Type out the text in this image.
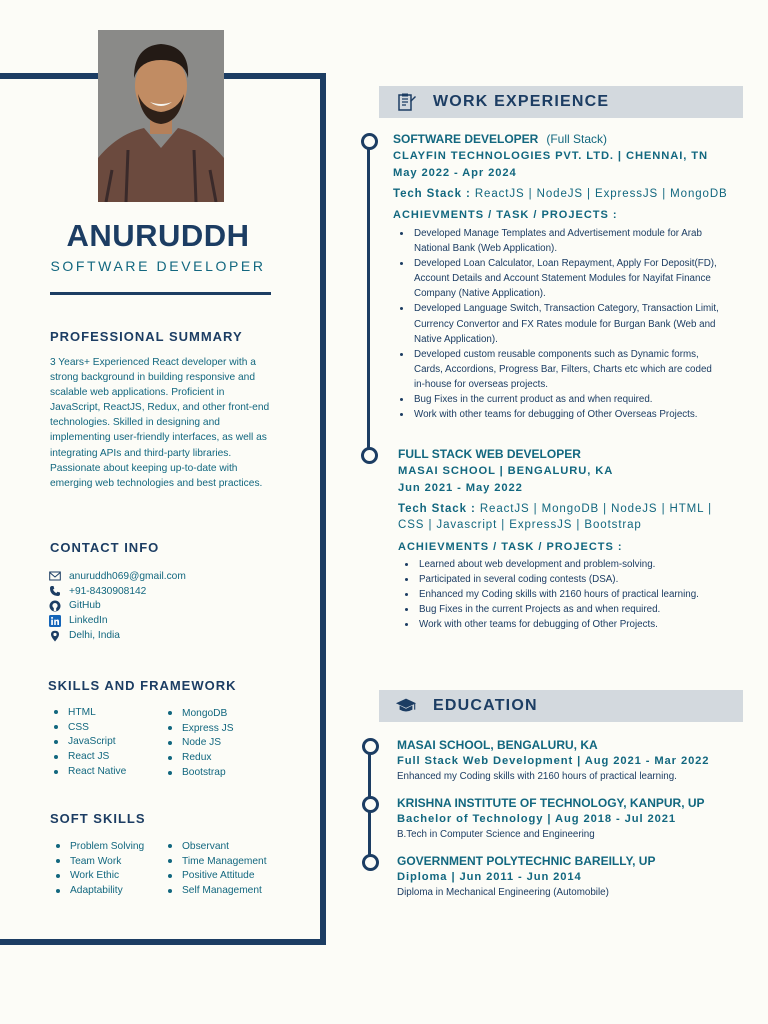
ANURUDDH
SOFTWARE DEVELOPER
PROFESSIONAL SUMMARY

3 Years+ Experienced React developer with a strong background in building responsive and scalable web applications. Proficient in JavaScript, ReactJS, Redux, and other front-end technologies. Skilled in designing and implementing user-friendly interfaces, as well as integrating APIs and third-party libraries. Passionate about keeping up-to-date with emerging web technologies and best practices.

CONTACT INFO
anuruddh069@gmail.com
+91-8430908142
GitHub
LinkedIn
Delhi, India
SKILLS AND FRAMEWORK
HTML
CSS
JavaScript
React JS
React Native
MongoDB
Express JS
Node JS
Redux
Bootstrap
SOFT SKILLS
Problem Solving
Team Work
Work Ethic
Adaptability
Observant
Time Management
Positive Attitude
Self Management
WORK EXPERIENCE
SOFTWARE DEVELOPER (Full Stack)
CLAYFIN TECHNOLOGIES PVT. LTD. | CHENNAI, TN
May 2022 - Apr 2024
Tech Stack : ReactJS | NodeJS | ExpressJS | MongoDB
ACHIEVMENTS / TASK / PROJECTS :
Developed Manage Templates and Advertisement module for Arab National Bank (Web Application).
Developed Loan Calculator, Loan Repayment, Apply For Deposit(FD), Account Details and Account Statement Modules for Nayifat Finance Company (Native Application).
Developed Language Switch, Transaction Category, Transaction Limit, Currency Convertor and FX Rates module for Burgan Bank (Web and Native Application).
Developed custom reusable components such as Dynamic forms, Cards, Accordions, Progress Bar, Filters, Charts etc which are coded in-house for overseas projects.
Bug Fixes in the current product as and when required.
Work with other teams for debugging of Other Overseas Projects.
FULL STACK WEB DEVELOPER
MASAI SCHOOL | BENGALURU, KA
Jun 2021 - May 2022
Tech Stack : ReactJS | MongoDB | NodeJS | HTML | CSS | Javascript | ExpressJS | Bootstrap
ACHIEVMENTS / TASK / PROJECTS :
Learned about web development and problem-solving.
Participated in several coding contests (DSA).
Enhanced my Coding skills with 2160 hours of practical learning.
Bug Fixes in the current Projects as and when required.
Work with other teams for debugging of Other Projects.
EDUCATION
MASAI SCHOOL, BENGALURU, KA
Full Stack Web Development | Aug 2021 - Mar 2022
Enhanced my Coding skills with 2160 hours of practical learning.
KRISHNA INSTITUTE OF TECHNOLOGY, KANPUR, UP
Bachelor of Technology | Aug 2018 - Jul 2021
B.Tech in Computer Science and Engineering
GOVERNMENT POLYTECHNIC BAREILLY, UP
Diploma | Jun 2011 - Jun 2014
Diploma in Mechanical Engineering (Automobile)
